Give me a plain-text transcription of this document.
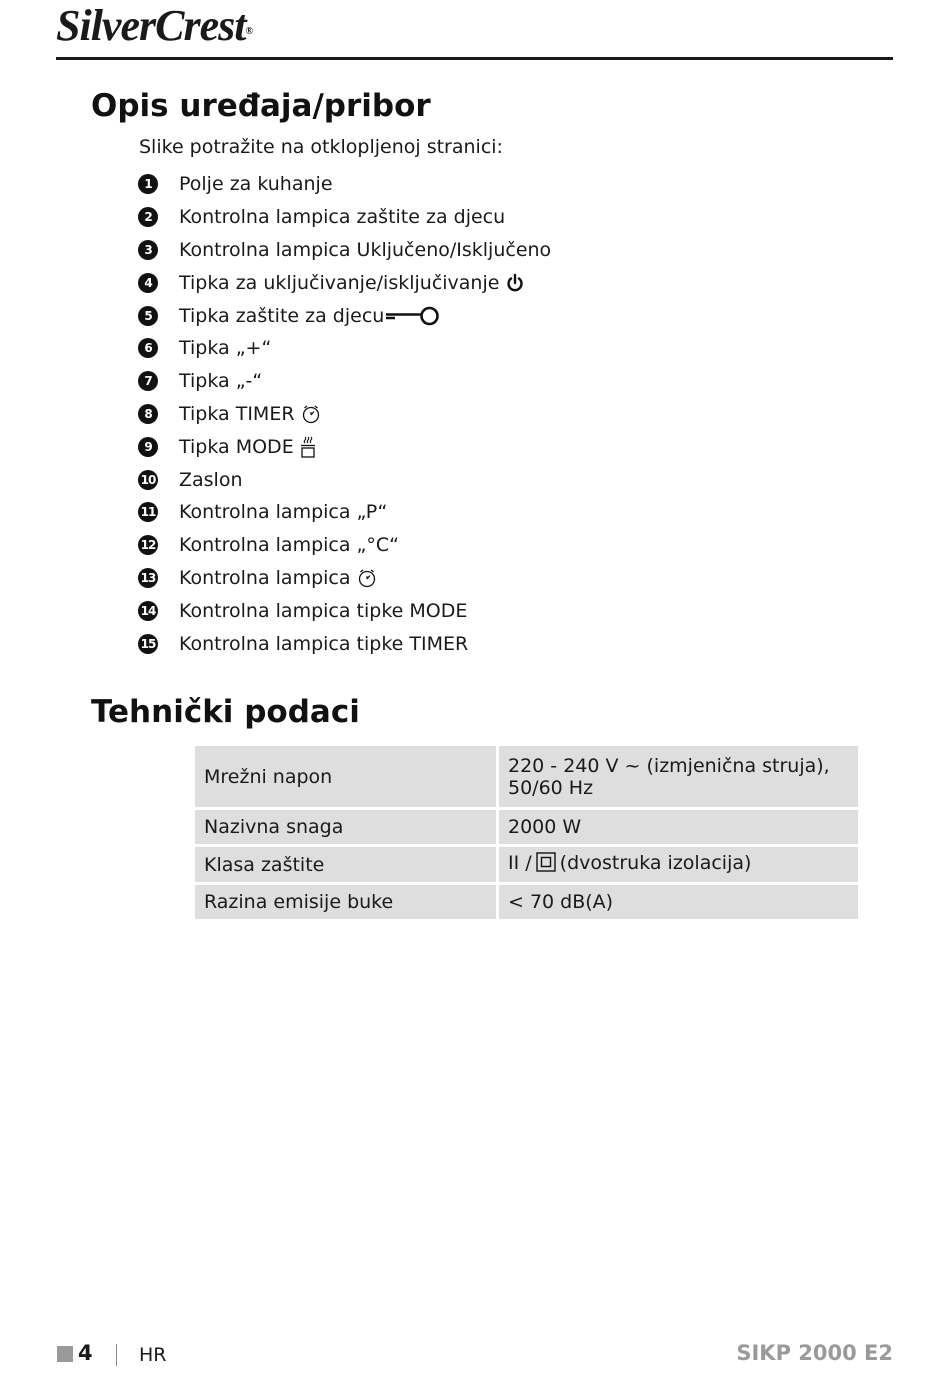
SilverCrest®
Opis uređaja/pribor
Slike potražite na otklopljenoj stranici:
1	Polje za kuhanje
2	Kontrolna lampica zaštite za djecu
3	Kontrolna lampica Uključeno/Isključeno
4	Tipka za uključivanje/isključivanje
5	Tipka zaštite za djecu
6	Tipka „+“
7	Tipka „-“
8	Tipka TIMER
9	Tipka MODE
10 Zaslon
11 Kontrolna lampica „P“
12 Kontrolna lampica „°C“
13 Kontrolna lampica
14 Kontrolna lampica tipke MODE
15 Kontrolna lampica tipke TIMER
Tehnički podaci
Mrežni napon	220 - 240 V ~ (izmjenična struja),
50/60 Hz

Nazivna snaga	2000 W
Klasa zaštite	II / (dvostruka izolacija)
Razina emisije buke	< 70 dB(A)
4 HR	SIKP 2000 E2
